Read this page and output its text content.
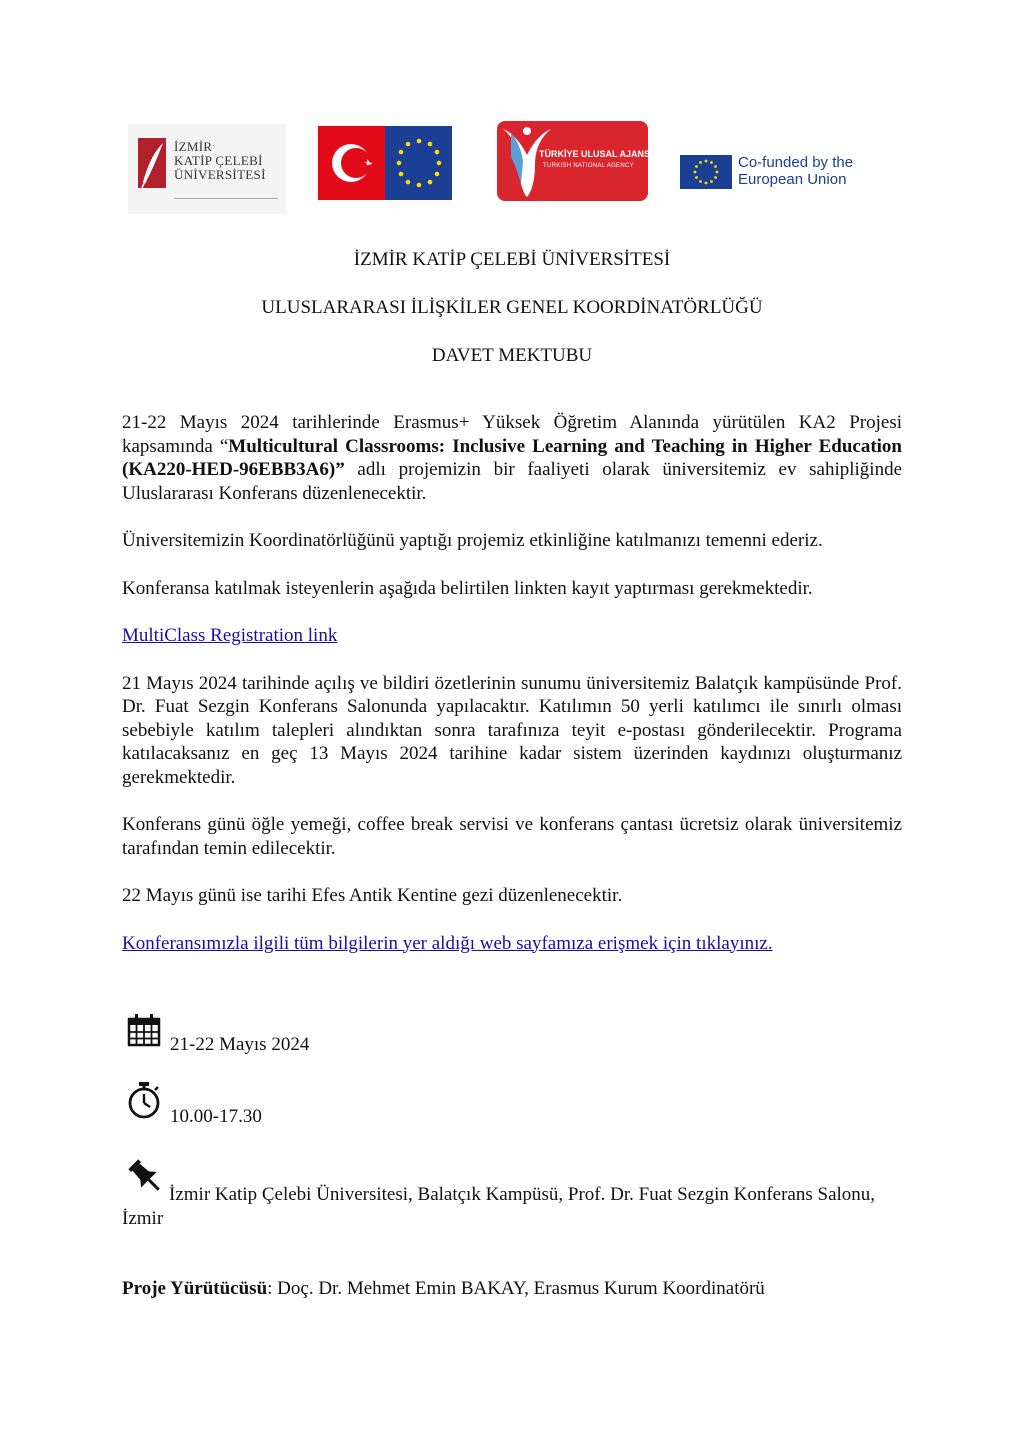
İZMİR
KATİP ÇELEBİ
ÜNİVERSİTESİ
TÜRKİYE ULUSAL AJANSI
TURKISH NATIONAL AGENCY	Co-funded by the
European Union
İZMİR KATİP ÇELEBİ ÜNİVERSİTESİ
ULUSLARARASI İLİŞKİLER GENEL KOORDİNATÖRLÜĞÜ
DAVET MEKTUBU

21-22 Mayıs 2024 tarihlerinde Erasmus+ Yüksek Öğretim Alanında yürütülen KA2 Projesi kapsamında “Multicultural Classrooms: Inclusive Learning and Teaching in Higher Education (KA220-HED-96EBB3A6)” adlı projemizin bir faaliyeti olarak üniversitemiz ev sahipliğinde Uluslararası Konferans düzenlenecektir.

Üniversitemizin Koordinatörlüğünü yaptığı projemiz etkinliğine katılmanızı temenni ederiz.

Konferansa katılmak isteyenlerin aşağıda belirtilen linkten kayıt yaptırması gerekmektedir.

MultiClass Registration link

21 Mayıs 2024 tarihinde açılış ve bildiri özetlerinin sunumu üniversitemiz Balatçık kampüsünde Prof. Dr. Fuat Sezgin Konferans Salonunda yapılacaktır. Katılımın 50 yerli katılımcı ile sınırlı olması sebebiyle katılım talepleri alındıktan sonra tarafınıza teyit e-postası gönderilecektir. Programa katılacaksanız en geç 13 Mayıs 2024 tarihine kadar sistem üzerinden kaydınızı oluşturmanız gerekmektedir.

Konferans günü öğle yemeği, coffee break servisi ve konferans çantası ücretsiz olarak üniversitemiz tarafından temin edilecektir.

22 Mayıs günü ise tarihi Efes Antik Kentine gezi düzenlenecektir.

Konferansımızla ilgili tüm bilgilerin yer aldığı web sayfamıza erişmek için tıklayınız.

21-22 Mayıs 2024
10.00-17.30
İzmir Katip Çelebi Üniversitesi, Balatçık Kampüsü, Prof. Dr. Fuat Sezgin Konferans Salonu, İzmir
Proje Yürütücüsü: Doç. Dr. Mehmet Emin BAKAY, Erasmus Kurum Koordinatörü
